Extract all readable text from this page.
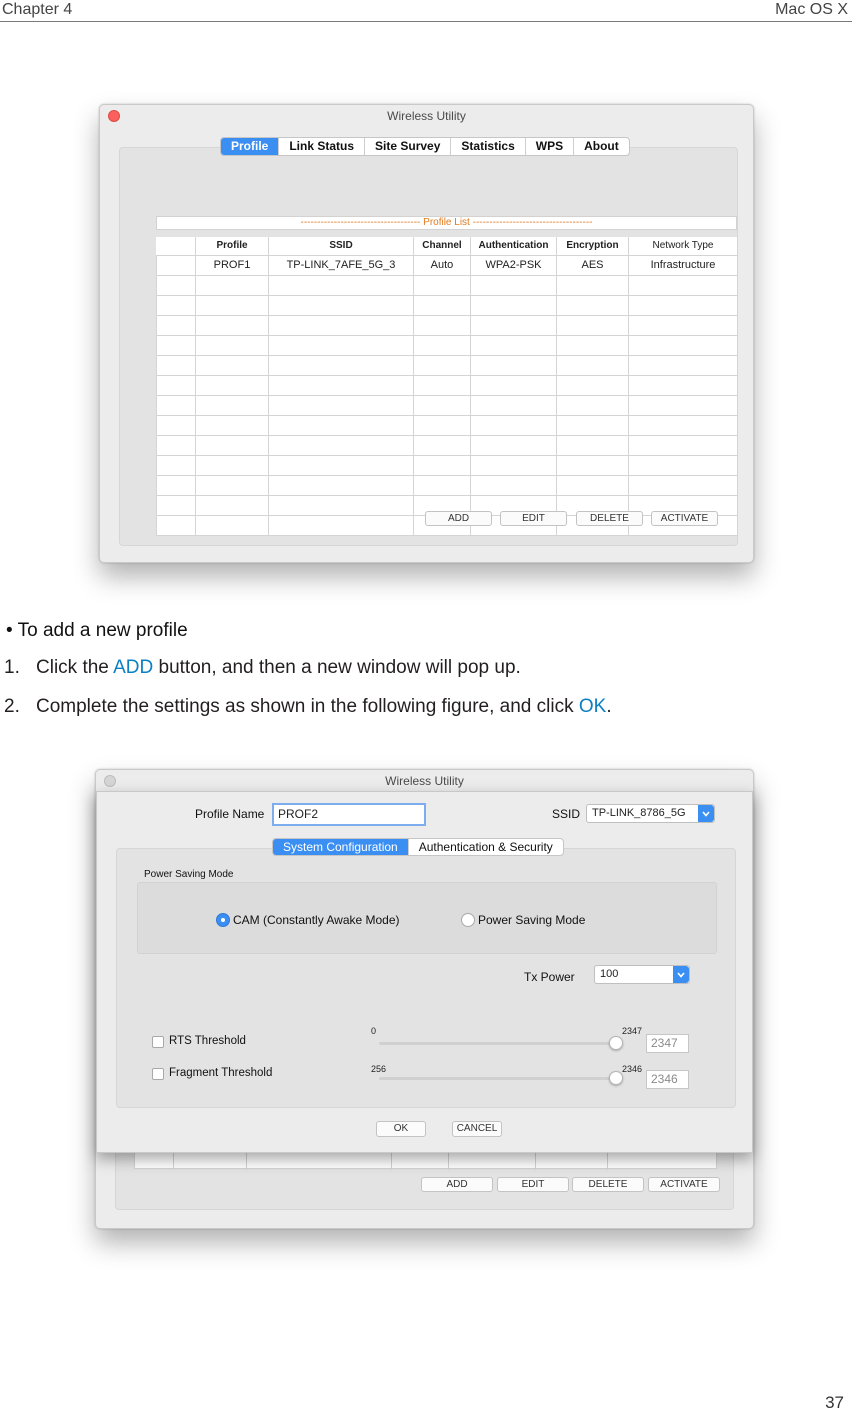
Chapter 4	Mac OS X
Wireless Utility
------------------------------------ Profile List ------------------------------------
	Profile	SSID	Channel	Authentication	Encryption	Network Type
	PROF1	TP-LINK_7AFE_5G_3	Auto	WPA2-PSK	AES	Infrastructure

ADD	EDIT	DELETE	ACTIVATE
Profile	Link Status	Site Survey	Statistics	WPS	About
• To add a new profile
1. Click the ADD button, and then a new window will pop up.
2. Complete the settings as shown in the following figure, and click OK.
Wireless Utility
ADD	EDIT	DELETE	ACTIVATE
Profile Name	PROF2	SSID	TP-LINK_8786_5G
Power Saving Mode
CAM (Constantly Awake Mode)	Power Saving Mode
Tx Power	100
RTS Threshold
0	2347
2347
Fragment Threshold	256	2346
2346
System Configuration	Authentication & Security
OK	CANCEL
37
